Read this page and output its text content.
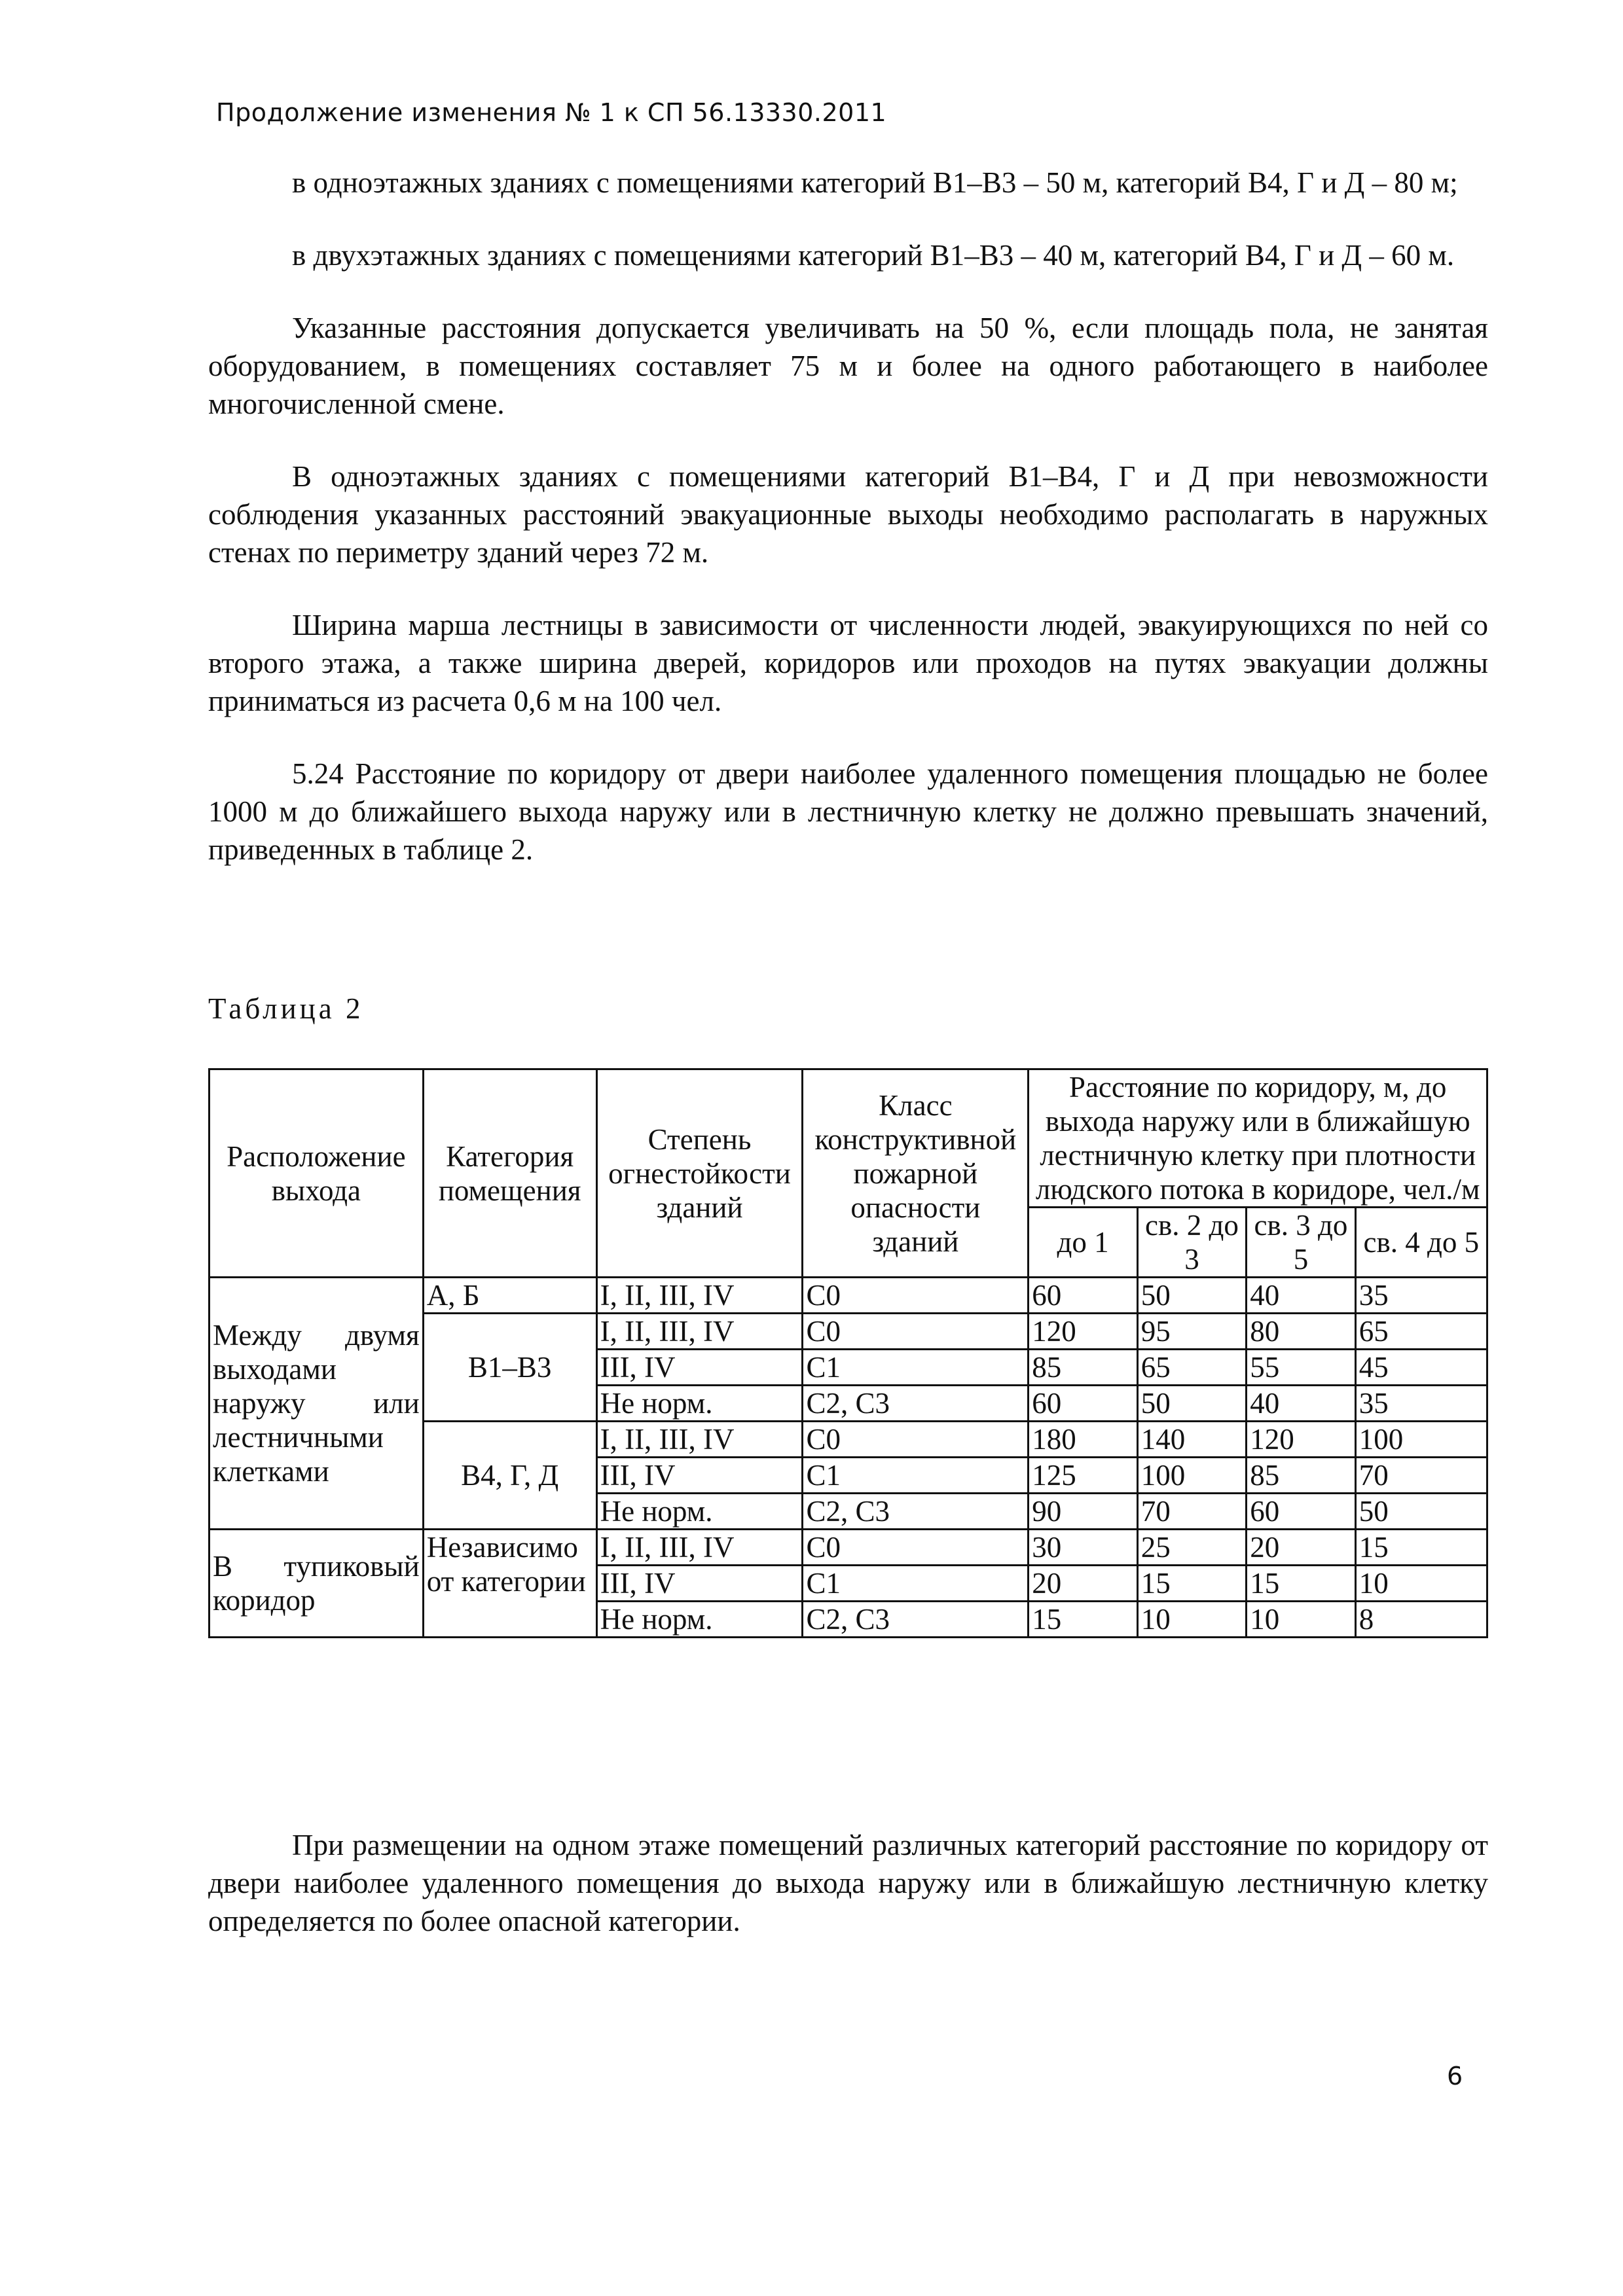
Продолжение изменения № 1 к СП 56.13330.2011

в одноэтажных зданиях с помещениями категорий В1–В3 – 50 м, категорий В4, Г и Д – 80 м;

в двухэтажных зданиях с помещениями категорий В1–В3 – 40 м, категорий В4, Г и Д – 60 м.

Указанные расстояния допускается увеличивать на 50 %, если площадь пола, не занятая оборудованием, в помещениях составляет 75 м и более на одного работающего в наиболее многочисленной смене.

В одноэтажных зданиях с помещениями категорий В1–В4, Г и Д при невозможности соблюдения указанных расстояний эвакуационные выходы необходимо располагать в наружных стенах по периметру зданий через 72 м.

Ширина марша лестницы в зависимости от численности людей, эвакуирующихся по ней со второго этажа, а также ширина дверей, коридоров или проходов на путях эвакуации должны приниматься из расчета 0,6 м на 100 чел.

5.24 Расстояние по коридору от двери наиболее удаленного помещения площадью не более 1000 м до ближайшего выхода наружу или в лестничную клетку не должно превышать значений, приведенных в таблице 2.

Таблица 2

Расположение выхода	Категория помещения	Степень огнестойкости зданий	Класс конструктивной пожарной опасности зданий	Расстояние по коридору, м, до выхода наружу или в ближайшую лестничную клетку при плотности людского потока в коридоре, чел./м			
				до 1	св. 2 до 3	св. 3 до 5	св. 4 до 5
Между двумя выходами наружу или лестничными клетками	А, Б	I, II, III, IV	С0	60	50	40	35
	В1–В3	I, II, III, IV	С0	120	95	80	65
		III, IV	С1	85	65	55	45
		Не норм.	С2, С3	60	50	40	35
	В4, Г, Д	I, II, III, IV	С0	180	140	120	100
		III, IV	С1	125	100	85	70
		Не норм.	С2, С3	90	70	60	50
В тупиковый коридор	Независимо от категории	I, II, III, IV	С0	30	25	20	15
		III, IV	С1	20	15	15	10
		Не норм.	С2, С3	15	10	10	8

При размещении на одном этаже помещений различных категорий расстояние по коридору от двери наиболее удаленного помещения до выхода наружу или в ближайшую лестничную клетку определяется по более опасной категории.

6
